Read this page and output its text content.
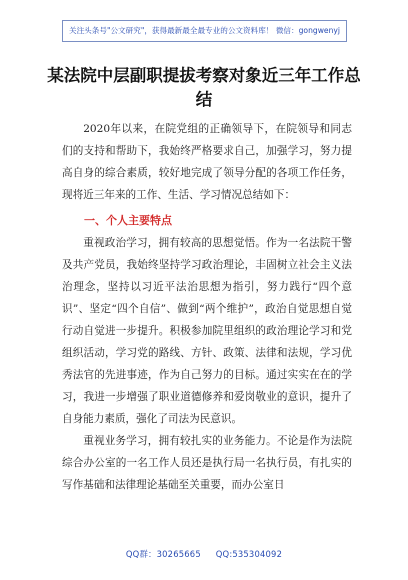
关注头条号"公文研究"，获得最新最全最专业的公文资料库！ 微信：gongwenyj
某法院中层副职提拔考察对象近三年工作总结

2020年以来，在院党组的正确领导下，在院领导和同志们的支持和帮助下，我始终严格要求自己，加强学习，努力提高自身的综合素质，较好地完成了领导分配的各项工作任务，现将近三年来的工作、生活、学习情况总结如下：

一、个人主要特点

重视政治学习，拥有较高的思想觉悟。作为一名法院干警及共产党员，我始终坚持学习政治理论，丰固树立社会主义法治理念，坚持以习近平法治思想为指引，努力践行“四个意识”、坚定“四个自信”、做到“两个维护”，政治自觉思想自觉行动自觉进一步提升。积极参加院里组织的政治理论学习和党组织活动，学习党的路线、方针、政策、法律和法规，学习优秀法官的先进事迹，作为自己努力的目标。通过实实在在的学习，我进一步增强了职业道德修养和爱岗敬业的意识，提升了自身能力素质，强化了司法为民意识。

重视业务学习，拥有较扎实的业务能力。不论是作为法院综合办公室的一名工作人员还是执行局一名执行员，有扎实的写作基础和法律理论基础至关重要，而办公室日

QQ群：30265665 QQ:535304092
